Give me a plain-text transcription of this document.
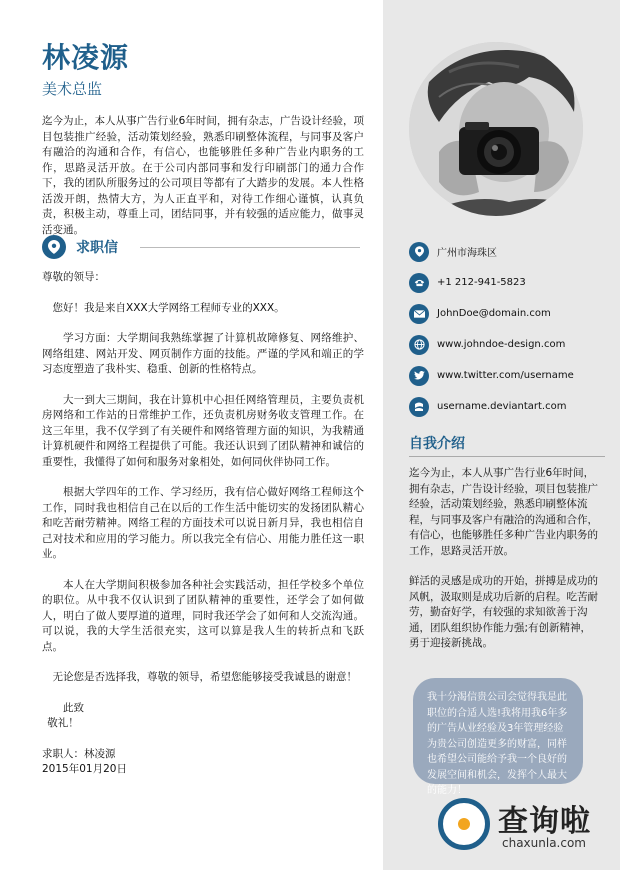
林凌源
美术总监
迄今为止，本人从事广告行业6年时间，拥有杂志，广告设计经验，项目包装推广经验，活动策划经验，熟悉印刷整体流程，与同事及客户有融洽的沟通和合作，有信心，也能够胜任多种广告业内职务的工作，思路灵活开放。在于公司内部同事和发行印刷部门的通力合作下，我的团队所服务过的公司项目等都有了大踏步的发展。本人性格活泼开朗，热情大方，为人正直平和，对待工作细心谨慎，认真负责，积极主动，尊重上司，团结同事，并有较强的适应能力，做事灵活变通。
求职信

尊敬的领导：

您好！我是来自XXX大学网络工程师专业的XXX。

学习方面：大学期间我熟练掌握了计算机故障修复、网络维护、网络组建、网站开发、网页制作方面的技能。严谨的学风和端正的学习态度塑造了我朴实、稳重、创新的性格特点。

大一到大三期间，我在计算机中心担任网络管理员，主要负责机房网络和工作站的日常维护工作，还负责机房财务收支管理工作。在这三年里，我不仅学到了有关硬件和网络管理方面的知识，为我精通计算机硬件和网络工程提供了可能。我还认识到了团队精神和诚信的重要性，我懂得了如何和服务对象相处，如何同伙伴协同工作。

根据大学四年的工作、学习经历，我有信心做好网络工程师这个工作，同时我也相信自己在以后的工作生活中能切实的发扬团队精心和吃苦耐劳精神。网络工程的方面技术可以说日新月异，我也相信自己对技术和应用的学习能力。所以我完全有信心、用能力胜任这一职业。

本人在大学期间积极参加各种社会实践活动，担任学校多个单位的职位。从中我不仅认识到了团队精神的重要性，还学会了如何做人，明白了做人要厚道的道理，同时我还学会了如何和人交流沟通。可以说，我的大学生活很充实，这可以算是我人生的转折点和飞跃点。

无论您是否选择我，尊敬的领导，希望您能够接受我诚恳的谢意！

此致

敬礼！

求职人：林凌源

2015年01月20日

广州市海珠区
+1 212-941-5823
JohnDoe@domain.com
www.johndoe-design.com
www.twitter.com/username
username.deviantart.com
自我介绍

迄今为止，本人从事广告行业6年时间，拥有杂志，广告设计经验，项目包装推广经验，活动策划经验，熟悉印刷整体流程，与同事及客户有融洽的沟通和合作，有信心，也能够胜任多种广告业内职务的工作，思路灵活开放。

鲜活的灵感是成功的开始，拼搏是成功的风帆，汲取则是成功后新的启程。吃苦耐劳，勤奋好学，有较强的求知欲善于沟通，团队组织协作能力强;有创新精神，勇于迎接新挑战。

我十分渴信贵公司会觉得我是此职位的合适人选!我将用我6年多的广告从业经验及3年管理经验为贵公司创造更多的财富，同样也希望公司能给予我一个良好的发展空间和机会，发挥个人最大的能力！
查询啦
chaxunla.com
